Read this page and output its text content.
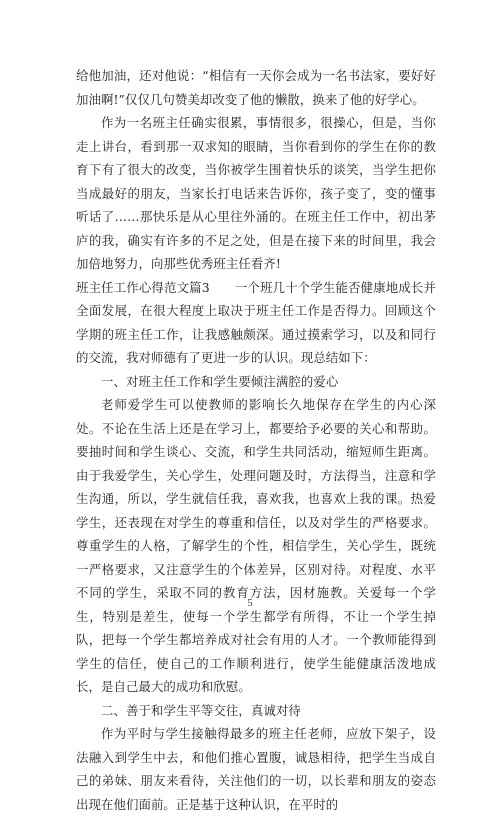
给他加油，还对他说：“相信有一天你会成为一名书法家，要好好加油啊!”仅仅几句赞美却改变了他的懒散，换来了他的好学心。

作为一名班主任确实很累，事情很多，很操心，但是，当你走上讲台，看到那一双求知的眼睛，当你看到你的学生在你的教育下有了很大的改变，当你被学生围着快乐的谈笑，当学生把你当成最好的朋友，当家长打电话来告诉你，孩子变了，变的懂事听话了……那快乐是从心里往外涌的。在班主任工作中，初出茅庐的我，确实有许多的不足之处，但是在接下来的时间里，我会加倍地努力，向那些优秀班主任看齐!

班主任工作心得范文篇3　　一个班几十个学生能否健康地成长并全面发展，在很大程度上取决于班主任工作是否得力。回顾这个学期的班主任工作，让我感触颇深。通过摸索学习，以及和同行的交流，我对师德有了更进一步的认识。现总结如下：

一、对班主任工作和学生要倾注满腔的爱心

老师爱学生可以使教师的影响长久地保存在学生的内心深处。不论在生活上还是在学习上，都要给予必要的关心和帮助。要抽时间和学生谈心、交流，和学生共同活动，缩短师生距离。由于我爱学生，关心学生，处理问题及时，方法得当，注意和学生沟通，所以，学生就信任我，喜欢我，也喜欢上我的课。热爱学生，还表现在对学生的尊重和信任，以及对学生的严格要求。尊重学生的人格，了解学生的个性，相信学生，关心学生，既统一严格要求，又注意学生的个体差异，区别对待。对程度、水平不同的学生，采取不同的教育方法，因材施教。关爱每一个学生，特别是差生，使每一个学生都学有所得，不让一个学生掉队，把每一个学生都培养成对社会有用的人才。一个教师能得到学生的信任，使自己的工作顺利进行，使学生能健康活泼地成长，是自己最大的成功和欣慰。

二、善于和学生平等交往，真诚对待

作为平时与学生接触得最多的班主任老师，应放下架子，设法融入到学生中去，和他们推心置腹，诚恳相待，把学生当成自己的弟妹、朋友来看待，关注他们的一切，以长辈和朋友的姿态出现在他们面前。正是基于这种认识，在平时的

5
